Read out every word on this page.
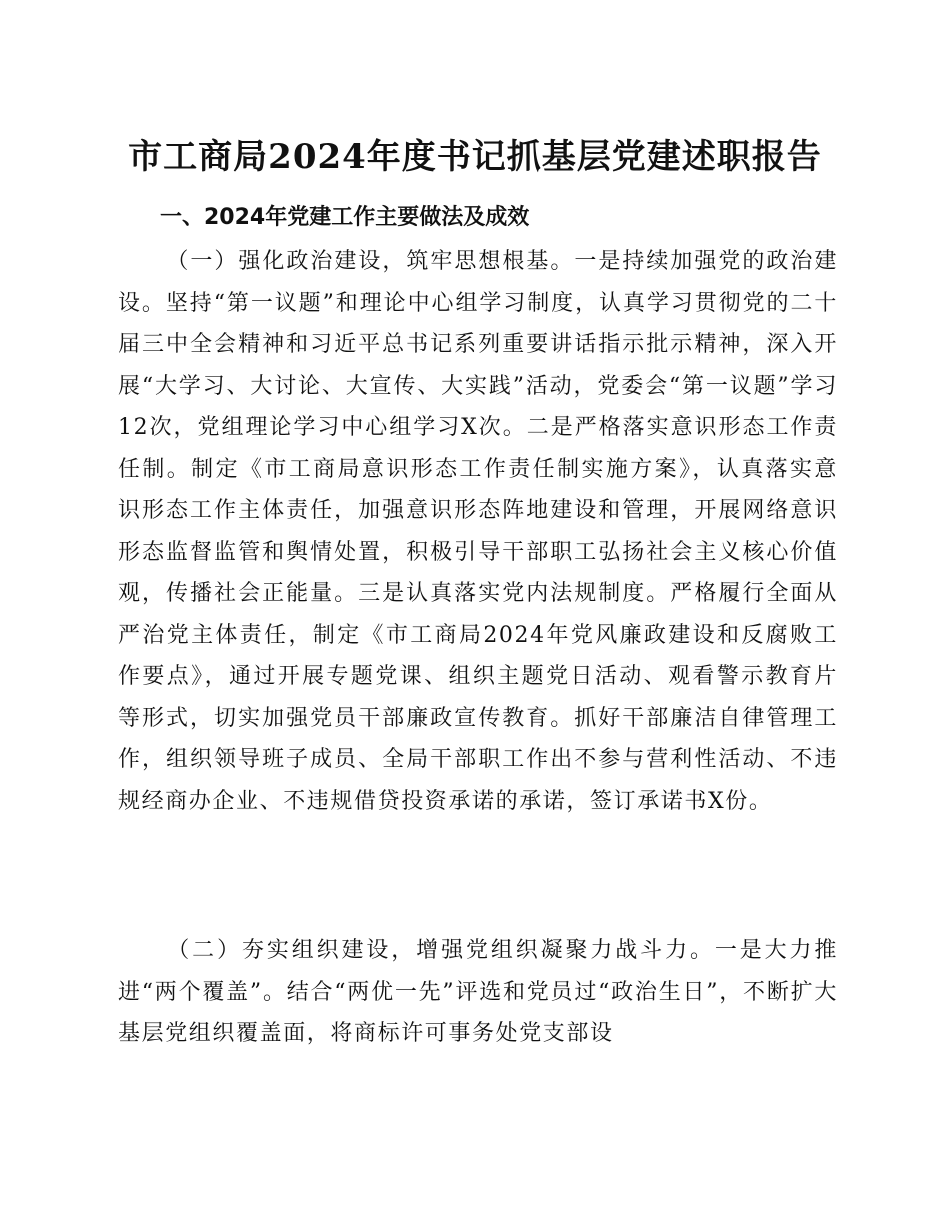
市工商局2024年度书记抓基层党建述职报告
一、2024年党建工作主要做法及成效
（一）强化政治建设，筑牢思想根基。一是持续加强党的政治建设。坚持“第一议题”和理论中心组学习制度，认真学习贯彻党的二十届三中全会精神和习近平总书记系列重要讲话指示批示精神，深入开展“大学习、大讨论、大宣传、大实践”活动，党委会“第一议题”学习12次，党组理论学习中心组学习X次。二是严格落实意识形态工作责任制。制定《市工商局意识形态工作责任制实施方案》，认真落实意识形态工作主体责任，加强意识形态阵地建设和管理，开展网络意识形态监督监管和舆情处置，积极引导干部职工弘扬社会主义核心价值观，传播社会正能量。三是认真落实党内法规制度。严格履行全面从严治党主体责任，制定《市工商局2024年党风廉政建设和反腐败工作要点》，通过开展专题党课、组织主题党日活动、观看警示教育片等形式，切实加强党员干部廉政宣传教育。抓好干部廉洁自律管理工作，组织领导班子成员、全局干部职工作出不参与营利性活动、不违规经商办企业、不违规借贷投资承诺的承诺，签订承诺书X份。
（二）夯实组织建设，增强党组织凝聚力战斗力。一是大力推进“两个覆盖”。结合“两优一先”评选和党员过“政治生日”，不断扩大基层党组织覆盖面，将商标许可事务处党支部设
